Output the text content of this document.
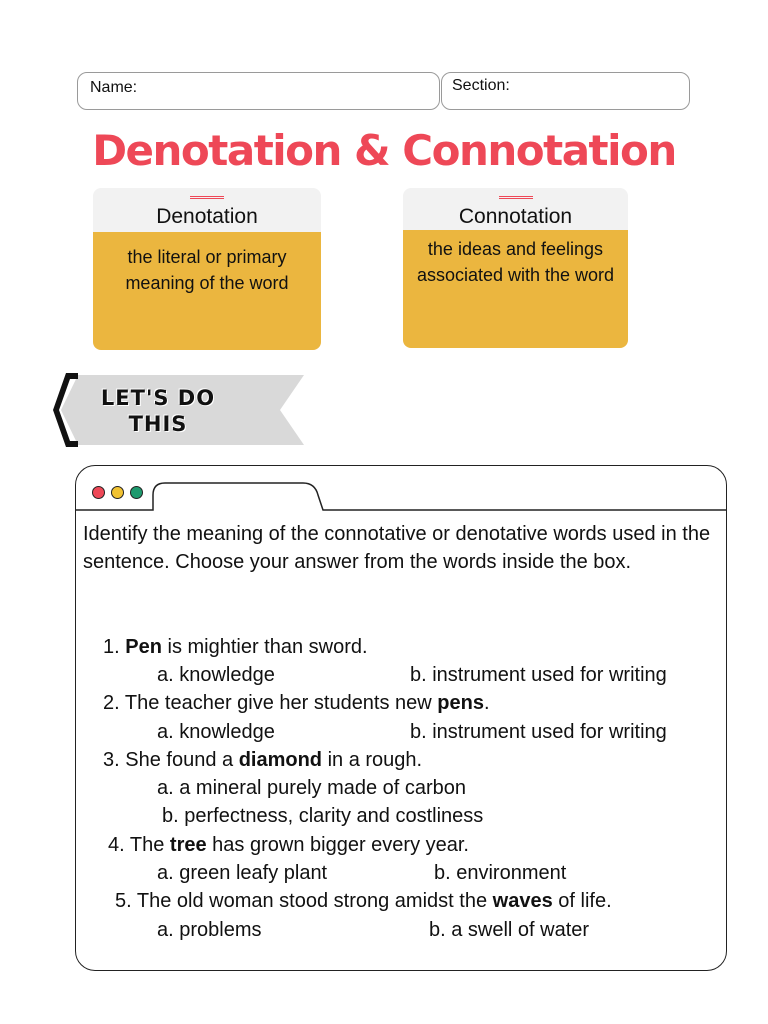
Name:	Section:
Denotation & Connotation
Denotation
the literal or primary meaning of the word
Connotation
the ideas and feelings associated with the word
LET'S DO
THIS

Identify the meaning of the connotative or denotative words used in the sentence. Choose your answer from the words inside the box.

1. Pen is mightier than sword.
a. knowledge	b. instrument used for writing
2. The teacher give her students new pens.
a. knowledge	b. instrument used for writing
3. She found a diamond in a rough.
a. a mineral purely made of carbon
b. perfectness, clarity and costliness
4. The tree has grown bigger every year.
a. green leafy plant	b. environment
5. The old woman stood strong amidst the waves of life.
a. problems	b. a swell of water
